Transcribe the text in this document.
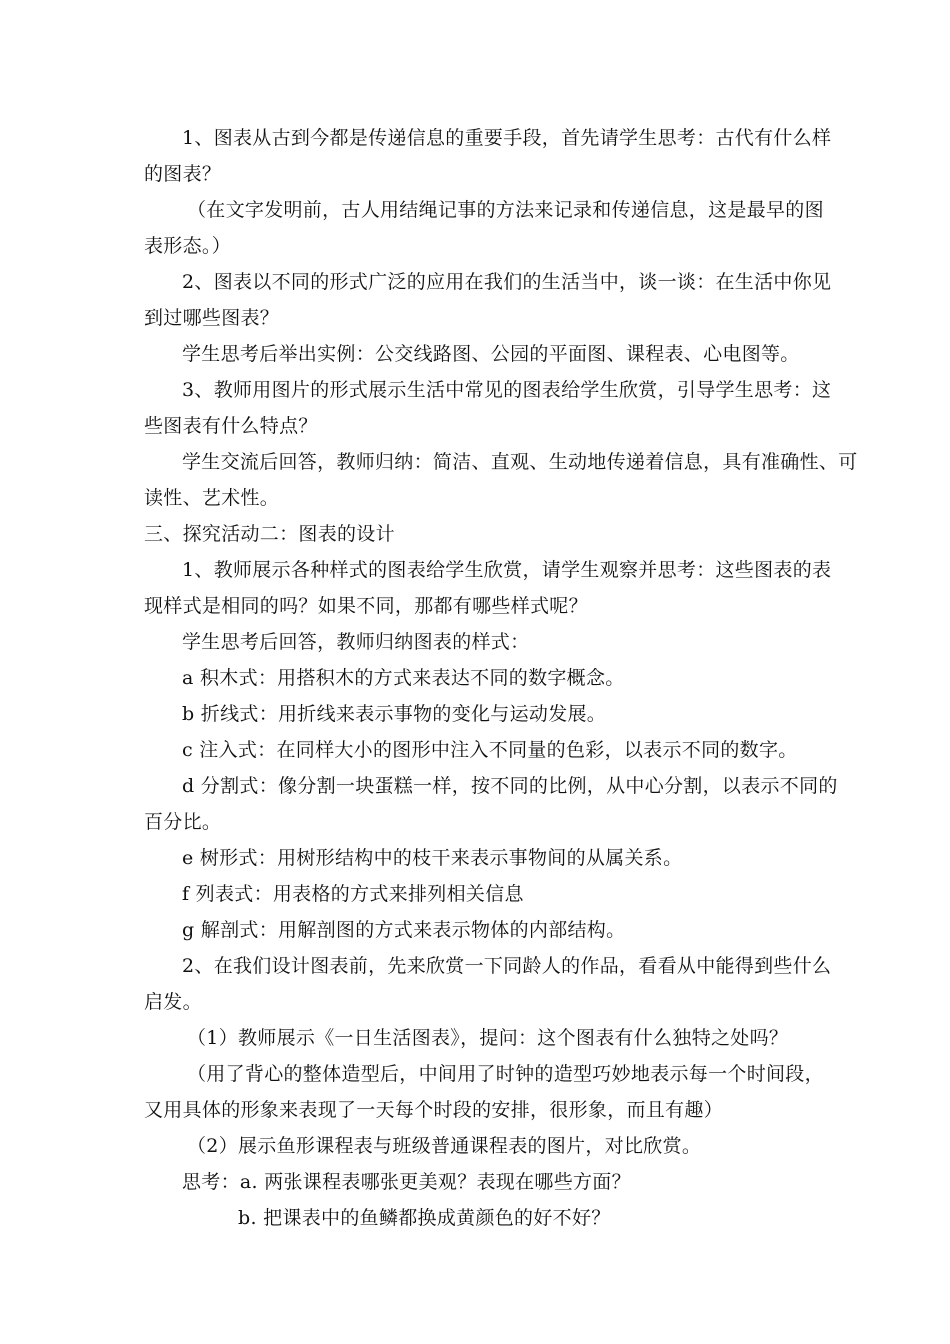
1、图表从古到今都是传递信息的重要手段，首先请学生思考：古代有什么样
的图表？
（在文字发明前，古人用结绳记事的方法来记录和传递信息，这是最早的图
表形态。）
2、图表以不同的形式广泛的应用在我们的生活当中，谈一谈：在生活中你见
到过哪些图表？
学生思考后举出实例：公交线路图、公园的平面图、课程表、心电图等。
3、教师用图片的形式展示生活中常见的图表给学生欣赏，引导学生思考：这
些图表有什么特点？
学生交流后回答，教师归纳：简洁、直观、生动地传递着信息，具有准确性、可
读性、艺术性。
三、探究活动二：图表的设计
1、教师展示各种样式的图表给学生欣赏，请学生观察并思考：这些图表的表
现样式是相同的吗？如果不同，那都有哪些样式呢？
学生思考后回答，教师归纳图表的样式：
a 积木式：用搭积木的方式来表达不同的数字概念。
b 折线式：用折线来表示事物的变化与运动发展。
c 注入式：在同样大小的图形中注入不同量的色彩，以表示不同的数字。
d 分割式：像分割一块蛋糕一样，按不同的比例，从中心分割，以表示不同的
百分比。
e 树形式：用树形结构中的枝干来表示事物间的从属关系。
f 列表式：用表格的方式来排列相关信息
g 解剖式：用解剖图的方式来表示物体的内部结构。
2、在我们设计图表前，先来欣赏一下同龄人的作品，看看从中能得到些什么
启发。
（1）教师展示《一日生活图表》，提问：这个图表有什么独特之处吗？
（用了背心的整体造型后，中间用了时钟的造型巧妙地表示每一个时间段，
又用具体的形象来表现了一天每个时段的安排，很形象，而且有趣）
（2）展示鱼形课程表与班级普通课程表的图片，对比欣赏。
思考：a. 两张课程表哪张更美观？表现在哪些方面？
b. 把课表中的鱼鳞都换成黄颜色的好不好？
